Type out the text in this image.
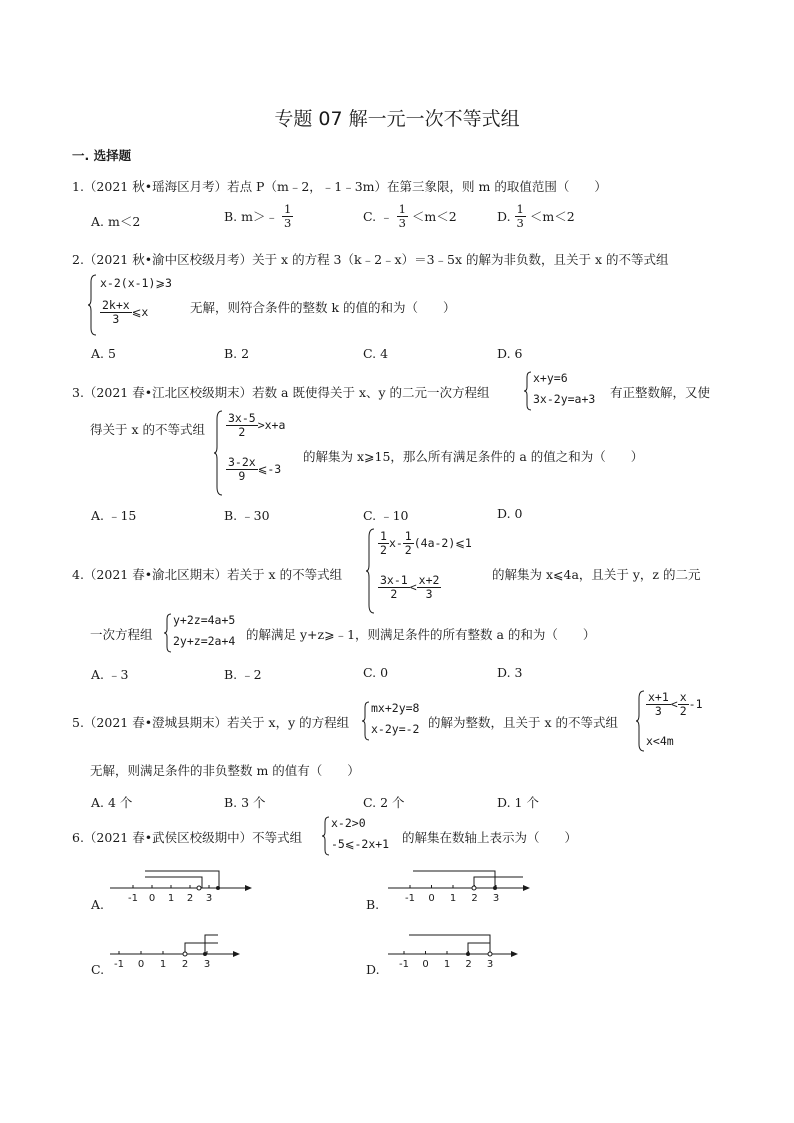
专题 07 解一元一次不等式组
一. 选择题
1.（2021 秋•瑶海区月考）若点 P（m﹣2，﹣1﹣3m）在第三象限，则 m 的取值范围（　　）
A. m＜2	B. m＞﹣ $\frac{1}{3}$	C. ﹣ $\frac{1}{3} <m<2$	D. $\frac{1}{3} <m<2$
2.（2021 秋•渝中区校级月考）关于 x 的方程 3（k﹣2﹣x）＝3﹣5x 的解为非负数，且关于 x 的不等式组
x-2(x-1)⩾3
$\frac{2k+x}{3}$ ⩽x	无解，则符合条件的整数 k 的值的和为（　　）
A. 5	B. 2	C. 4	D. 6
3.（2021 春•江北区校级期末）若数 a 既使得关于 x、y 的二元一次方程组
x+y=6
3x-2y=a+3 有正整数解，又使
得关于 x 的不等式组 $\frac{3x-5}{2} >x+a$
$\frac{3-2x}{9}$ ⩽-3
的解集为 x⩾15，那么所有满足条件的 a 的值之和为（　　）
A. ﹣15	B. ﹣30	C. ﹣10	D. 0
4.（2021 春•渝北区期末）若关于 x 的不等式组
$\frac{1}{2} x- \frac{1}{2}$ (4a-2)⩽1
$\frac{3x-1}{2} < \frac{x+2}{3}$	的解集为 x⩽4a，且关于 y，z 的二元
一次方程组
y+2z=4a+5
2y+z=2a+4 的解满足 y+z⩾﹣1，则满足条件的所有整数 a 的和为（　　）
A. ﹣3	B. ﹣2	C. 0	D. 3
5.（2021 春•澄城县期末）若关于 x，y 的方程组
mx+2y=8
x-2y=-2 的解为整数，且关于 x 的不等式组
$\frac{x+1}{3} < \frac{x}{2} -1$
x<4m
无解，则满足条件的非负整数 m 的值有（　　）
A. 4 个	B. 3 个	C. 2 个	D. 1 个
6.（2021 春•武侯区校级期中）不等式组
x-2>0
-5⩽-2x+1 的解集在数轴上表示为（　　）
A.	B.
C.	D.
-1 0 1 2 3	-1 0 1 2 3
-1 0 1 2 3	-1 0 1 2 3
